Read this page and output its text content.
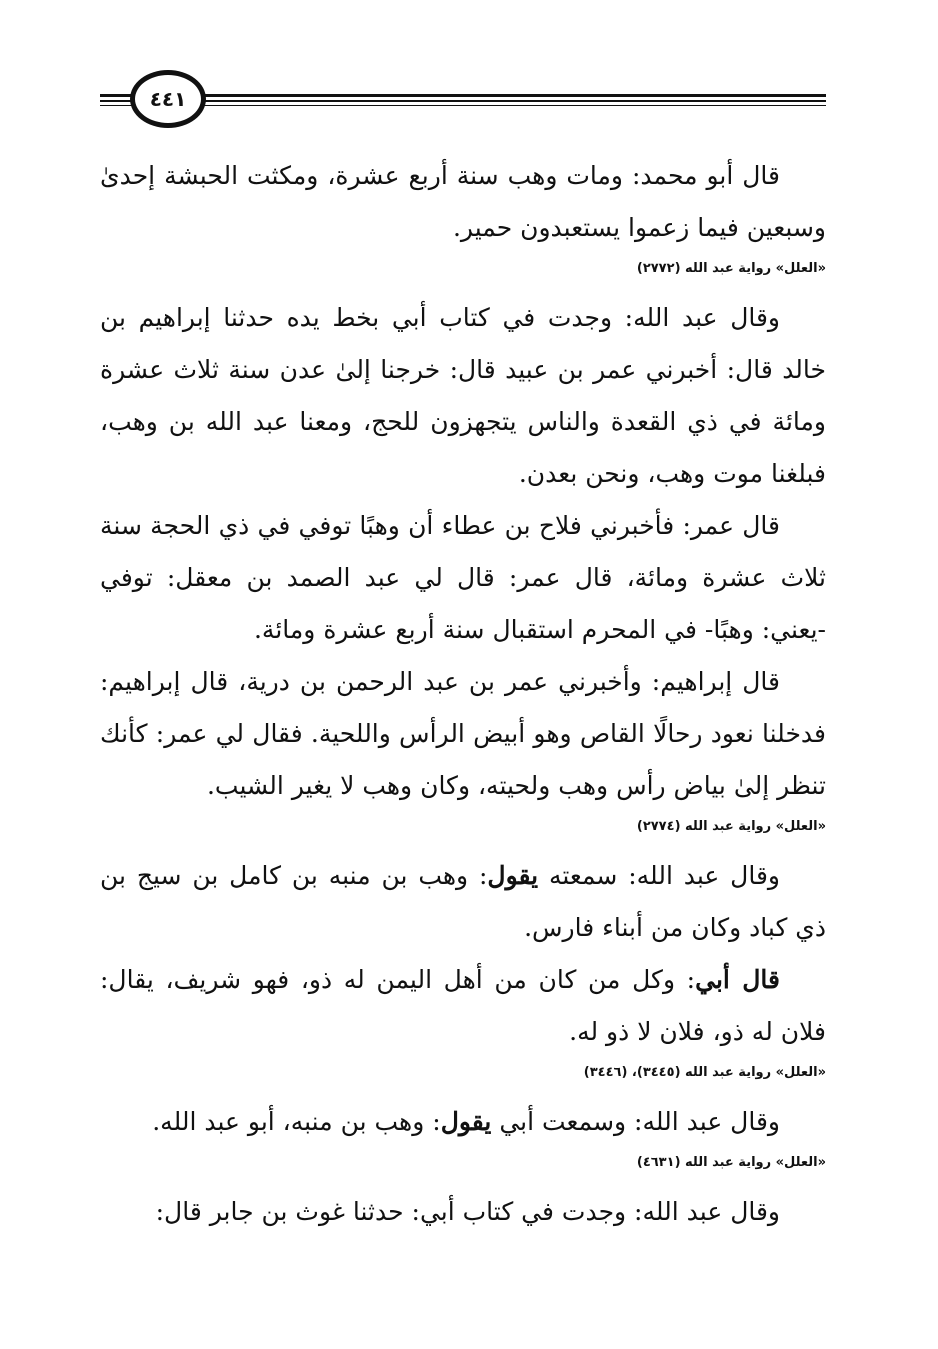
٤٤١

قال أبو محمد: ومات وهب سنة أربع عشرة، ومكثت الحبشة إحدىٰ وسبعين فيما زعموا يستعبدون حمير.

«العلل» رواية عبد الله (٢٧٧٢)

وقال عبد الله: وجدت في كتاب أبي بخط يده حدثنا إبراهيم بن خالد قال: أخبرني عمر بن عبيد قال: خرجنا إلىٰ عدن سنة ثلاث عشرة ومائة في ذي القعدة والناس يتجهزون للحج، ومعنا عبد الله بن وهب، فبلغنا موت وهب، ونحن بعدن.

قال عمر: فأخبرني فلاح بن عطاء أن وهبًا توفي في ذي الحجة سنة ثلاث عشرة ومائة، قال عمر: قال لي عبد الصمد بن معقل: توفي -يعني: وهبًا- في المحرم استقبال سنة أربع عشرة ومائة.

قال إبراهيم: وأخبرني عمر بن عبد الرحمن بن درية، قال إبراهيم: فدخلنا نعود رحالًا القاص وهو أبيض الرأس واللحية. فقال لي عمر: كأنك تنظر إلىٰ بياض رأس وهب ولحيته، وكان وهب لا يغير الشيب.

«العلل» رواية عبد الله (٢٧٧٤)

وقال عبد الله: سمعته يقول: وهب بن منبه بن كامل بن سيج بن ذي كباد وكان من أبناء فارس.

قال أبي: وكل من كان من أهل اليمن له ذو، فهو شريف، يقال: فلان له ذو، فلان لا ذو له.

«العلل» رواية عبد الله (٣٤٤٥)، (٣٤٤٦)

وقال عبد الله: وسمعت أبي يقول: وهب بن منبه، أبو عبد الله.

«العلل» رواية عبد الله (٤٦٣١)

وقال عبد الله: وجدت في كتاب أبي: حدثنا غوث بن جابر قال:
